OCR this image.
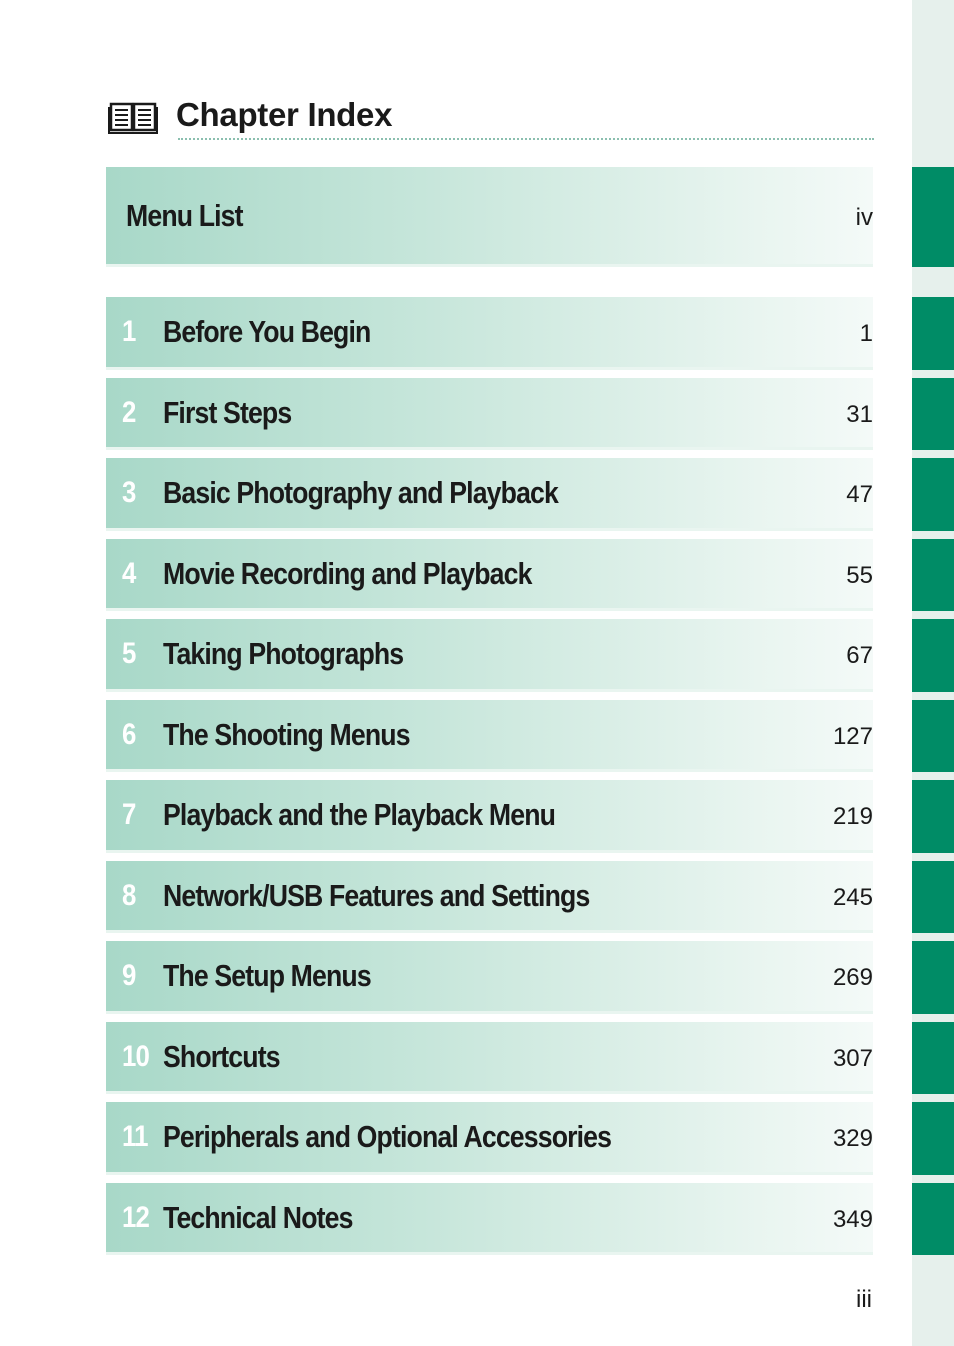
Chapter Index
Menu List	iv
1 Before You Begin	1
2 First Steps	31
3 Basic Photography and Playback	47
4 Movie Recording and Playback	55
5 Taking Photographs	67
6 The Shooting Menus	127
7 Playback and the Playback Menu	219
8 Network/USB Features and Settings	245
9 The Setup Menus	269
10 Shortcuts	307
11 Peripherals and Optional Accessories	329
12 Technical Notes	349
iii
